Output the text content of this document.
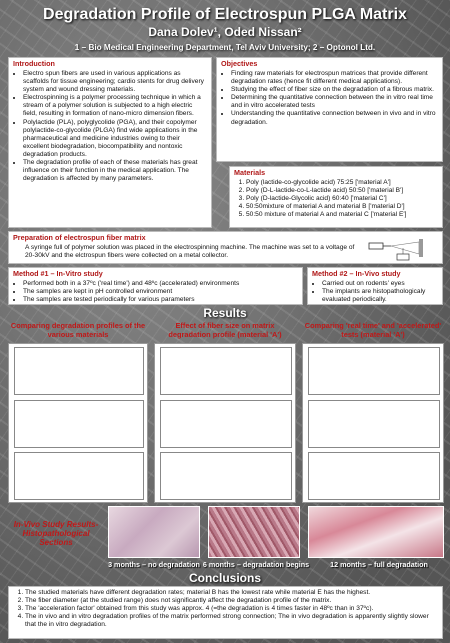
Degradation Profile of Electrospun PLGA Matrix
Dana Dolev¹, Oded Nissan²
1 – Bio Medical Engineering Department, Tel Aviv University; 2 – Optonol Ltd.
Introduction
• Electro spun fibers are used in various applications as scaffolds for tissue engineering; cardio stents for drug delivery system and wound dressing materials.
• Electrospinning is a polymer processing technique in which a stream of a polymer solution is subjected to a high electric field, resulting in formation of nano-micro dimension fibers.
• Polylactide (PLA), polyglycolide (PGA), and their copolymer polylactide-co-glycolide (PLGA) find wide applications in the pharmaceutical and medicine industries owing to their excellent biodegradation, biocompatibility and nontoxic degradation products.
• The degradation profile of each of these materials has great influence on their function in the medical application. The degradation is affected by many parameters.
Objectives
• Finding raw materials for electrospun matrices that provide different degradation rates (hence fit different medical applications).
• Studying the effect of fiber size on the degradation of a fibrous matrix.
• Determining the quantitative connection between the in vitro real time and in vitro accelerated tests
• Understanding the quantitative connection between in vivo and in vitro degradation.
Materials
1. Poly (lactide-co-glycolide acid) 75:25 ['material A']
2. Poly (D-L-lactide-co-L-lactide acid) 50:50 ['material B']
3. Poly (D-lactide-Glycolic acid) 60:40 ['material C']
4. 50:50mixture of material A and material B ['material D']
5. 50:50 mixture of material A and material C ['material E']
Preparation of electrospun fiber matrix
A syringe full of polymer solution was placed in the electrospinning machine. The machine was set to a voltage of 20-30kV and the elctrospun fibers were collected on a metal collector.
Method #1 – In-Vitro study
• Performed both in a 37ºc ('real time') and 48ºc (accelerated) environments
• The samples are kept in pH controlled environment
• The samples are tested periodically for various parameters
Method #2 – In-Vivo study
• Carried out on rodents' eyes
• The implants are histopathologicaly evaluated periodically.
Results
Comparing degradation profiles of the various materials
Effect of fiber size on matrix degradation profile (material 'A')
Comparing 'real time' and 'accelerated' tests (material 'A')
In-Vivo Study Results- Histopathological Sections
3 months – no degradation 6 months – degradation begins	12 months – full degradation
Conclusions
1. The studied materials have different degradation rates; material B has the lowest rate while material E has the highest.
2. The fiber diameter (at the studied range) does not significantly affect the degradation profile of the matrix.
3. The 'acceleration factor' obtained from this study was approx. 4 (=the degradation is 4 times faster in 48ºc than in 37ºc).
4. The in vivo and in vitro degradation profiles of the matrix performed strong connection; The in vivo degradation is apparently slightly slower that the in vitro degradation.
